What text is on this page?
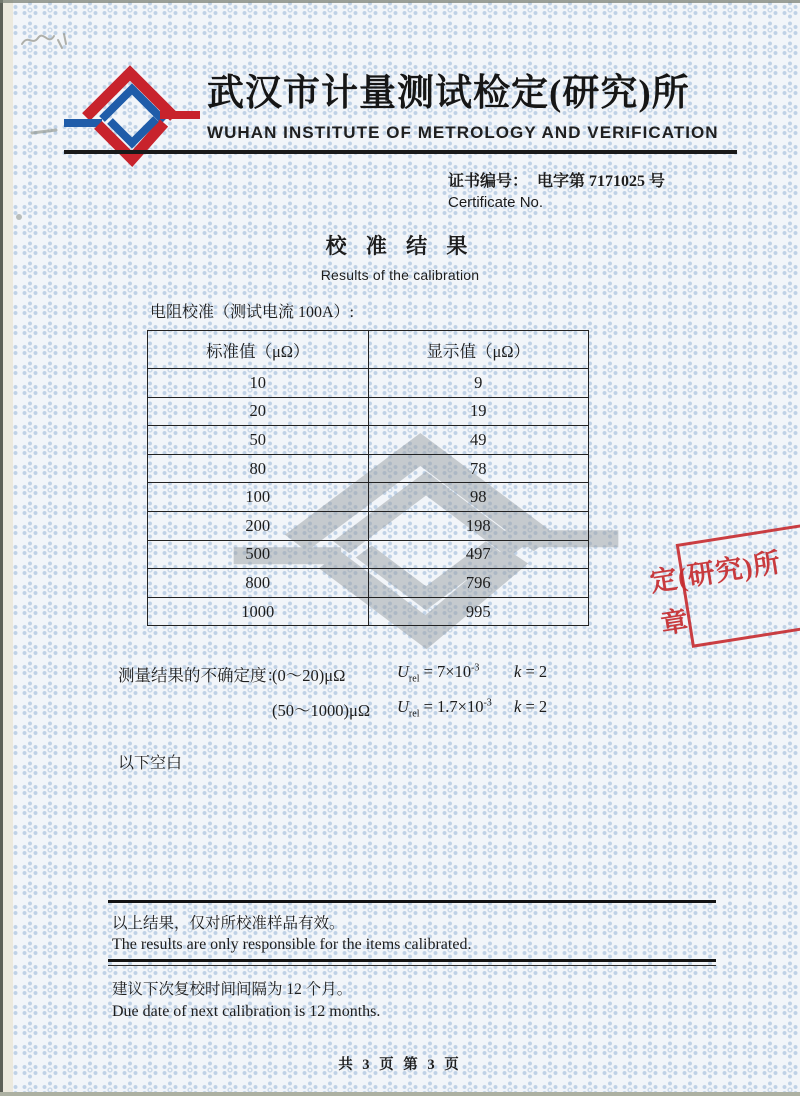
武汉市计量测试检定(研究)所
WUHAN INSTITUTE OF METROLOGY AND VERIFICATION
证书编号： 电字第 7171025 号
Certificate No.
校 准 结 果
Results of the calibration
电阻校准（测试电流 100A）:
标准值（μΩ）	显示值（μΩ）
10	9
20	19
50	49
80	78
100	98
200	198
500	497
800	796
1000	995
测量结果的不确定度：
(0～20)μΩ	$U_{rel} = 7\times 10^{-3}$ k = 2
(50～1000)μΩ $U_{rel} = 1.7\times 10^{-3}$ k = 2
以下空白
定(研究)所
章
以上结果，仅对所校准样品有效。
The results are only responsible for the items calibrated.
建议下次复校时间间隔为 12 个月。
Due date of next calibration is 12 months.
共 3 页 第 3 页
